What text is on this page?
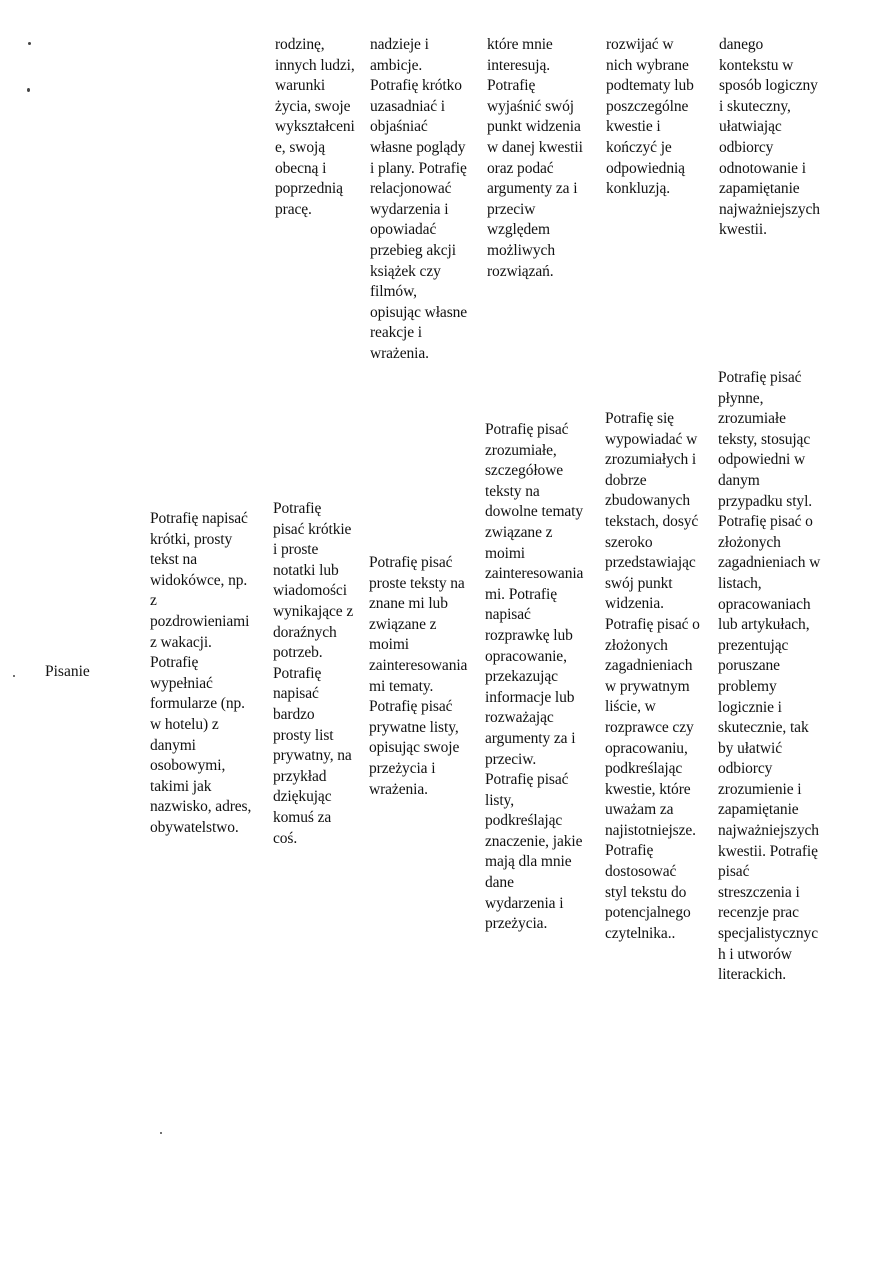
rodzinę,
innych ludzi,
warunki
życia, swoje
wykształceni
e, swoją
obecną i
poprzednią
pracę.
nadzieje i
ambicje.
Potrafię krótko
uzasadniać i
objaśniać
własne poglądy
i plany. Potrafię
relacjonować
wydarzenia i
opowiadać
przebieg akcji
książek czy
filmów,
opisując własne
reakcje i
wrażenia.
które mnie
interesują.
Potrafię
wyjaśnić swój
punkt widzenia
w danej kwestii
oraz podać
argumenty za i
przeciw
względem
możliwych
rozwiązań.
rozwijać w
nich wybrane
podtematy lub
poszczególne
kwestie i
kończyć je
odpowiednią
konkluzją.
danego
kontekstu w
sposób logiczny
i skuteczny,
ułatwiając
odbiorcy
odnotowanie i
zapamiętanie
najważniejszych
kwestii.
Pisanie
Potrafię napisać
krótki, prosty
tekst na
widokówce, np.
z
pozdrowieniami
z wakacji.
Potrafię
wypełniać
formularze (np.
w hotelu) z
danymi
osobowymi,
takimi jak
nazwisko, adres,
obywatelstwo.
Potrafię
pisać krótkie
i proste
notatki lub
wiadomości
wynikające z
doraźnych
potrzeb.
Potrafię
napisać
bardzo
prosty list
prywatny, na
przykład
dziękując
komuś za
coś.
Potrafię pisać
proste teksty na
znane mi lub
związane z
moimi
zainteresowania
mi tematy.
Potrafię pisać
prywatne listy,
opisując swoje
przeżycia i
wrażenia.
Potrafię pisać
zrozumiałe,
szczegółowe
teksty na
dowolne tematy
związane z
moimi
zainteresowania
mi. Potrafię
napisać
rozprawkę lub
opracowanie,
przekazując
informacje lub
rozważając
argumenty za i
przeciw.
Potrafię pisać
listy,
podkreślając
znaczenie, jakie
mają dla mnie
dane
wydarzenia i
przeżycia.
Potrafię się
wypowiadać w
zrozumiałych i
dobrze
zbudowanych
tekstach, dosyć
szeroko
przedstawiając
swój punkt
widzenia.
Potrafię pisać o
złożonych
zagadnieniach
w prywatnym
liście, w
rozprawce czy
opracowaniu,
podkreślając
kwestie, które
uważam za
najistotniejsze.
Potrafię
dostosować
styl tekstu do
potencjalnego
czytelnika..
Potrafię pisać
płynne,
zrozumiałe
teksty, stosując
odpowiedni w
danym
przypadku styl.
Potrafię pisać o
złożonych
zagadnieniach w
listach,
opracowaniach
lub artykułach,
prezentując
poruszane
problemy
logicznie i
skutecznie, tak
by ułatwić
odbiorcy
zrozumienie i
zapamiętanie
najważniejszych
kwestii. Potrafię
pisać
streszczenia i
recenzje prac
specjalistycznyc
h i utworów
literackich.
